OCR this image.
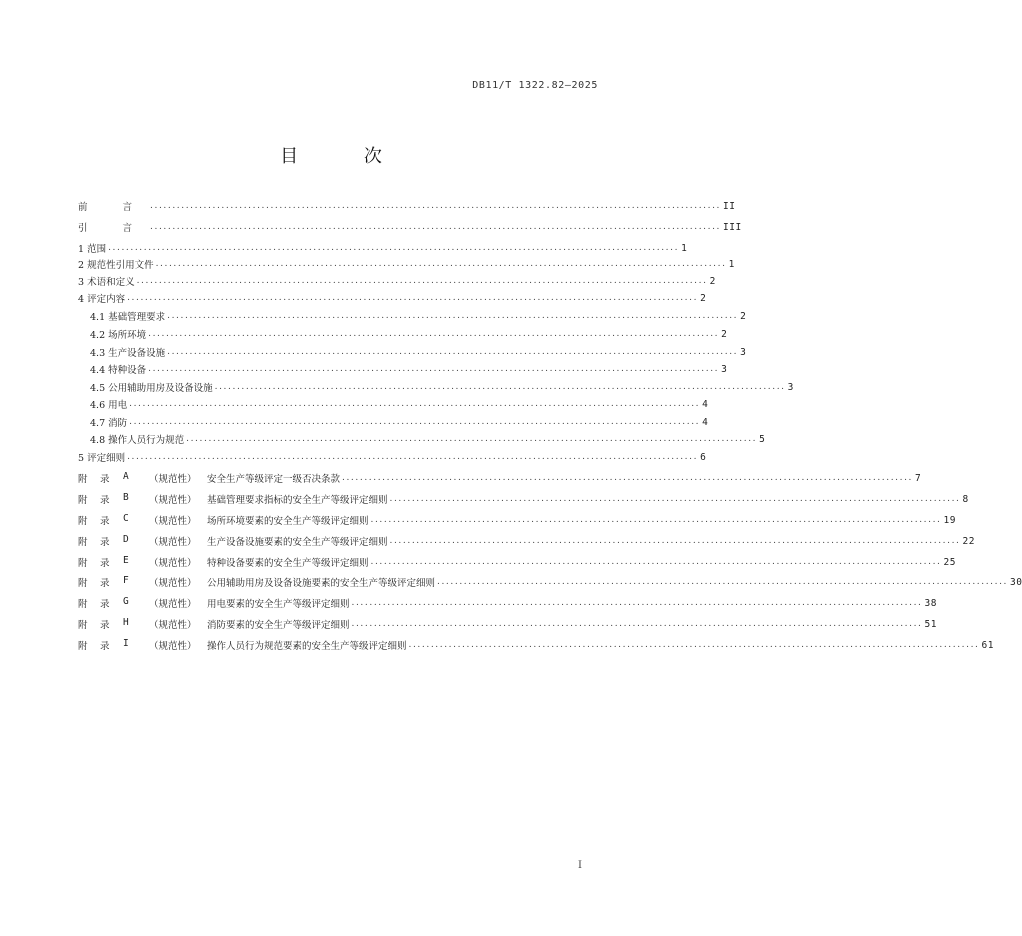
DB11/T 1322.82—2025
目 次
前 言 ................................................................................................................................ II
引 言 ................................................................................................................................ III
1 范围 ................................................................................................................................ 1
2 规范性引用文件 ................................................................................................................................ 1
3 术语和定义 ................................................................................................................................ 2
4 评定内容 ................................................................................................................................ 2
4.1 基础管理要求 ................................................................................................................................ 2
4.2 场所环境 ................................................................................................................................ 2
4.3 生产设备设施 ................................................................................................................................ 3
4.4 特种设备 ................................................................................................................................ 3
4.5 公用辅助用房及设备设施 ................................................................................................................................ 3
4.6 用电 ................................................................................................................................ 4
4.7 消防 ................................................................................................................................ 4
4.8 操作人员行为规范 ................................................................................................................................ 5
5 评定细则 ................................................................................................................................ 6
附	录	A	（规范性）	安全生产等级评定一级否决条款 ................................................................................................................................ 7
附	录	B	（规范性）	基础管理要求指标的安全生产等级评定细则 ................................................................................................................................ 8
附	录	C	（规范性）	场所环境要素的安全生产等级评定细则 ................................................................................................................................ 19
附	录	D	（规范性）	生产设备设施要素的安全生产等级评定细则 ................................................................................................................................ 22
附	录	E	（规范性）	特种设备要素的安全生产等级评定细则 ................................................................................................................................ 25
附	录	F	（规范性）	公用辅助用房及设备设施要素的安全生产等级评定细则 ................................................................................................................................ 30
附	录	G	（规范性）	用电要素的安全生产等级评定细则 ................................................................................................................................ 38
附	录	H	（规范性）	消防要素的安全生产等级评定细则 ................................................................................................................................ 51
附	录	I	（规范性）	操作人员行为规范要素的安全生产等级评定细则 ................................................................................................................................ 61
I
